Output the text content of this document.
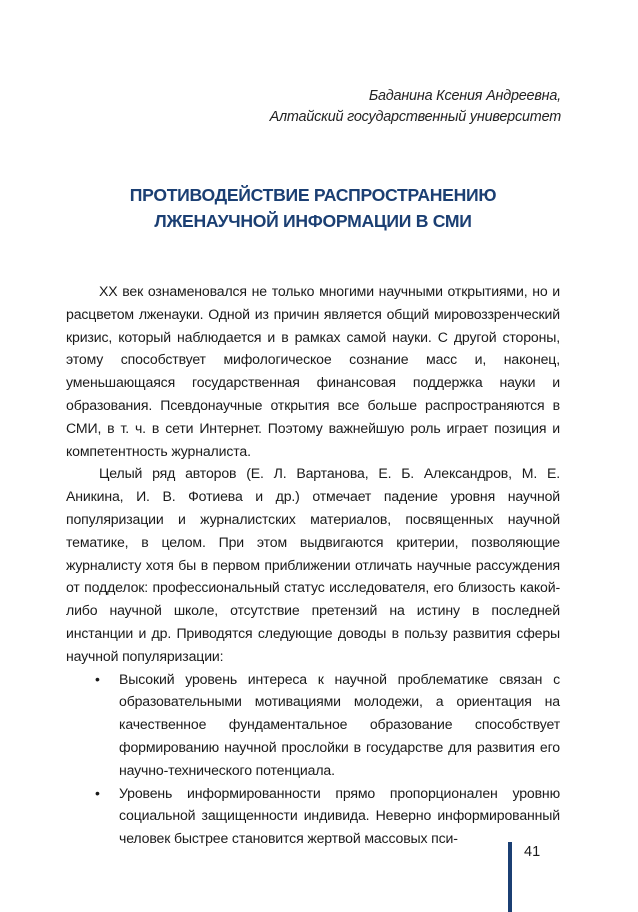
Баданина Ксения Андреевна,
Алтайский государственный университет
ПРОТИВОДЕЙСТВИЕ РАСПРОСТРАНЕНИЮ
ЛЖЕНАУЧНОЙ ИНФОРМАЦИИ В СМИ

XX век ознаменовался не только многими научными открытиями, но и расцветом лженауки. Одной из причин является общий мировоззренческий кризис, который наблюдается и в рамках самой науки. С другой стороны, этому способствует мифологическое сознание масс и, наконец, уменьшающаяся государственная финансовая поддержка науки и образования. Псевдонаучные открытия все больше распространяются в СМИ, в т. ч. в сети Интернет. Поэтому важнейшую роль играет позиция и компетентность журналиста.

Целый ряд авторов (Е. Л. Вартанова, Е. Б. Александров, М. Е. Аникина, И. В. Фотиева и др.) отмечает падение уровня научной популяризации и журналистских материалов, посвященных научной тематике, в целом. При этом выдвигаются критерии, позволяющие журналисту хотя бы в первом приближении отличать научные рассуждения от подделок: профессиональный статус исследователя, его близость какой-либо научной школе, отсутствие претензий на истину в последней инстанции и др. Приводятся следующие доводы в пользу развития сферы научной популяризации:

• Высокий уровень интереса к научной проблематике связан с образовательными мотивациями молодежи, а ориентация на качественное фундаментальное образование способствует формированию научной прослойки в государстве для развития его научно-технического потенциала.
• Уровень информированности прямо пропорционален уровню социальной защищенности индивида. Неверно информированный человек быстрее становится жертвой массовых пси-
41
